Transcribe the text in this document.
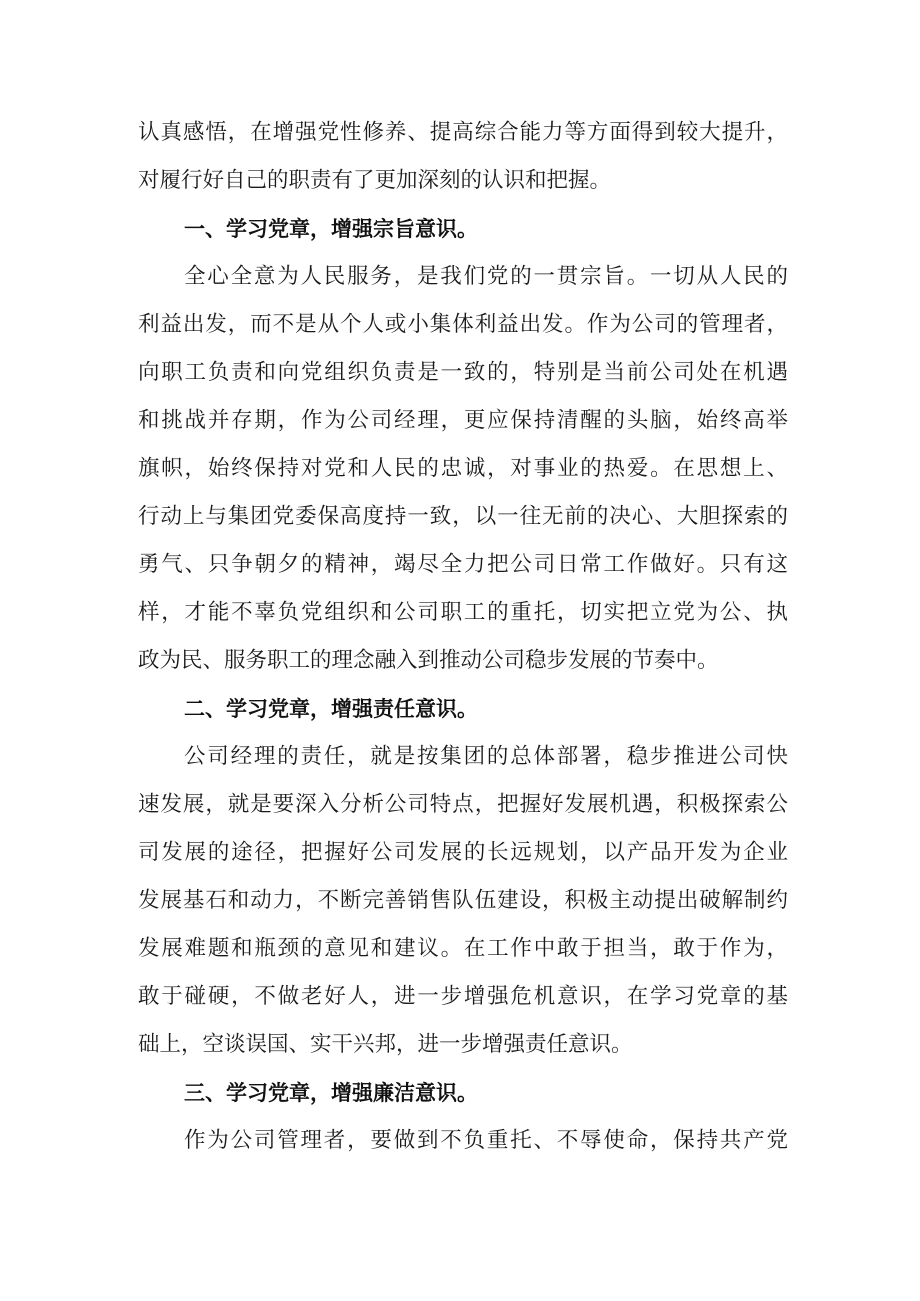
认真感悟，在增强党性修养、提高综合能力等方面得到较大提升，

对履行好自己的职责有了更加深刻的认识和把握。

一、学习党章，增强宗旨意识。

全心全意为人民服务，是我们党的一贯宗旨。一切从人民的

利益出发，而不是从个人或小集体利益出发。作为公司的管理者，

向职工负责和向党组织负责是一致的，特别是当前公司处在机遇

和挑战并存期，作为公司经理，更应保持清醒的头脑，始终高举

旗帜，始终保持对党和人民的忠诚，对事业的热爱。在思想上、

行动上与集团党委保高度持一致，以一往无前的决心、大胆探索的

勇气、只争朝夕的精神，竭尽全力把公司日常工作做好。只有这

样，才能不辜负党组织和公司职工的重托，切实把立党为公、执

政为民、服务职工的理念融入到推动公司稳步发展的节奏中。

二、学习党章，增强责任意识。

公司经理的责任，就是按集团的总体部署，稳步推进公司快

速发展，就是要深入分析公司特点，把握好发展机遇，积极探索公

司发展的途径，把握好公司发展的长远规划，以产品开发为企业

发展基石和动力，不断完善销售队伍建设，积极主动提出破解制约

发展难题和瓶颈的意见和建议。在工作中敢于担当，敢于作为，

敢于碰硬，不做老好人，进一步增强危机意识，在学习党章的基

础上，空谈误国、实干兴邦，进一步增强责任意识。

三、学习党章，增强廉洁意识。

作为公司管理者，要做到不负重托、不辱使命，保持共产党
